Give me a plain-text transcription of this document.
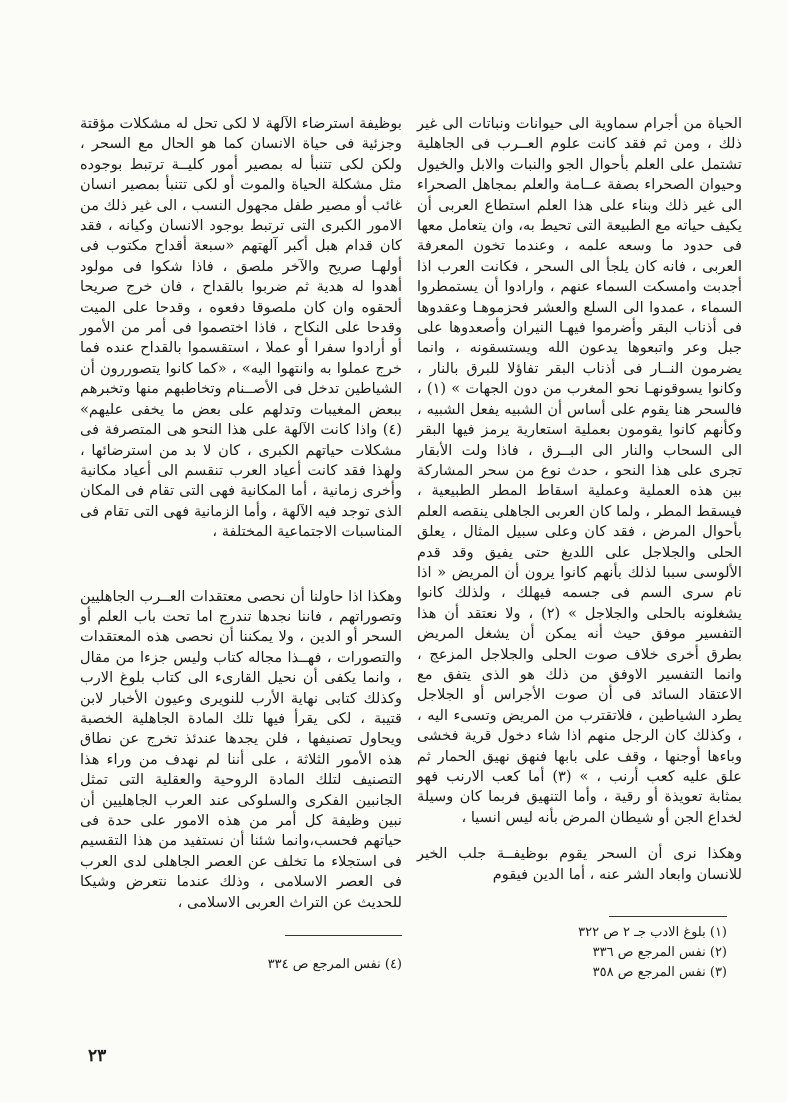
الحياة من أجرام سماوية الى حيوانات ونباتات الى غير ذلك ، ومن ثم فقد كانت علوم العــرب فى الجاهلية تشتمل على العلم بأحوال الجو والنبات والابل والخيول وحيوان الصحراء بصفة عــامة والعلم بمجاهل الصحراء الى غير ذلك وبناء على هذا العلم استطاع العربى أن يكيف حياته مع الطبيعة التى تحيط به، وان يتعامل معها فى حدود ما وسعه علمه ، وعندما تخون المعرفة العربى ، فانه كان يلجأ الى السحر ، فكانت العرب اذا أجدبت وامسكت السماء عنهم ، وارادوا أن يستمطروا السماء ، عمدوا الى السلع والعشر فحزموهـا وعقدوها فى أذناب البقر وأضرموا فيهـا النيران وأصعدوها على جبل وعر واتبعوها يدعون الله ويستسقونه ، وانما يضرمون النــار فى أذناب البقر تفاؤلا للبرق بالنار ، وكانوا يسوقونهـا نحو المغرب من دون الجهات » (١) ، فالسحر هنا يقوم على أساس أن الشبيه يفعل الشبيه ، وكأنهم كانوا يقومون بعملية استعارية يرمز فيها البقر الى السحاب والنار الى البــرق ، فاذا ولت الأبقار تجرى على هذا النحو ، حدث نوع من سحر المشاركة بين هذه العملية وعملية اسقاط المطر الطبيعية ، فيسقط المطر ، ولما كان العربى الجاهلى ينقصه العلم بأحوال المرض ، فقد كان وعلى سبيل المثال ، يعلق الحلى والجلاجل على اللديغ حتى يفيق وقد قدم الألوسى سببا لذلك بأنهم كانوا يرون أن المريض « اذا نام سرى السم فى جسمه فيهلك ، ولذلك كانوا يشغلونه بالحلى والجلاجل » (٢) ، ولا نعتقد أن هذا التفسير موفق حيث أنه يمكن أن يشغل المريض بطرق أخرى خلاف صوت الحلى والجلاجل المزعج ، وانما التفسير الاوفق من ذلك هو الذى يتفق مع الاعتقاد السائد فى أن صوت الأجراس أو الجلاجل يطرد الشياطين ، فلاتقترب من المريض وتسىء اليه ، ، وكذلك كان الرجل منهم اذا شاء دخول قرية فخشى وباءها أوجنها ، وقف على بابها فنهق نهيق الحمار ثم علق عليه كعب أرنب ، » (٣) أما كعب الارنب فهو بمثابة تعويذة أو رقية ، وأما التنهيق فربما كان وسيلة لخداع الجن أو شيطان المرض بأنه ليس انسيا ،

وهكذا نرى أن السحر يقوم بوظيفــة جلب الخير للانسان وابعاد الشر عنه ، أما الدين فيقوم

بوظيفة استرضاء الآلهة لا لكى تحل له مشكلات مؤقتة وجزئية فى حياة الانسان كما هو الحال مع السحر ، ولكن لكى تتنبأ له بمصير أمور كليــة ترتبط بوجوده مثل مشكلة الحياة والموت أو لكى تتنبأ بمصير انسان غائب أو مصير طفل مجهول النسب ، الى غير ذلك من الامور الكبرى التى ترتبط بوجود الانسان وكيانه ، فقد كان قدام هبل أكبر آلهتهم «سبعة أقداح مكتوب فى أولهـا صريح والآخر ملصق ، فاذا شكوا فى مولود أهدوا له هدية ثم ضربوا بالقداح ، فان خرج صريحا ألحقوه وان كان ملصوقا دفعوه ، وقدحا على الميت وقدحا على النكاح ، فاذا اختصموا فى أمر من الأمور أو أرادوا سفرا أو عملا ، استقسموا بالقداح عنده فما خرج عملوا به وانتهوا اليه» ، «كما كانوا يتصوررون أن الشياطين تدخل فى الأصــنام وتخاطبهم منها وتخبرهم ببعض المغيبات وتدلهم على بعض ما يخفى عليهم» (٤) واذا كانت الآلهة على هذا النحو هى المتصرفة فى مشكلات حياتهم الكبرى ، كان لا بد من استرضائها ، ولهذا فقد كانت أعياد العرب تنقسم الى أعياد مكانية وأخرى زمانية ، أما المكانية فهى التى تقام فى المكان الذى توجد فيه الآلهة ، وأما الزمانية فهى التى تقام فى المناسبات الاجتماعية المختلفة ،

وهكذا اذا حاولنا أن نحصى معتقدات العــرب الجاهليين وتصوراتهم ، فاننا نجدها تندرج اما تحت باب العلم أو السحر أو الدين ، ولا يمكننا أن نحصى هذه المعتقدات والتصورات ، فهــذا مجاله كتاب وليس جزءا من مقال ، وانما يكفى أن نحيل القارىء الى كتاب بلوغ الارب وكذلك كتابى نهاية الأرب للنويرى وعيون الأخبار لابن قتيبة ، لكى يقرأ فيها تلك المادة الجاهلية الخصبة ويحاول تصنيفها ، فلن يجدها عندئذ تخرج عن نطاق هذه الأمور الثلاثة ، على أننا لم نهدف من وراء هذا التصنيف لتلك المادة الروحية والعقلية التى تمثل الجانبين الفكرى والسلوكى عند العرب الجاهليين أن نبين وظيفة كل أمر من هذه الامور على حدة فى حياتهم فحسب،وانما شئنا أن نستفيد من هذا التقسيم فى استجلاء ما تخلف عن العصر الجاهلى لدى العرب فى العصر الاسلامى ، وذلك عندما نتعرض وشيكا للحديث عن التراث العربى الاسلامى ،

(١) بلوغ الادب جـ ٢ ص ٣٢٢
(٢) نفس المرجع ص ٣٣٦
(٣) نفس المرجع ص ٣٥٨
(٤) نفس المرجع ص ٣٣٤
٢٣
